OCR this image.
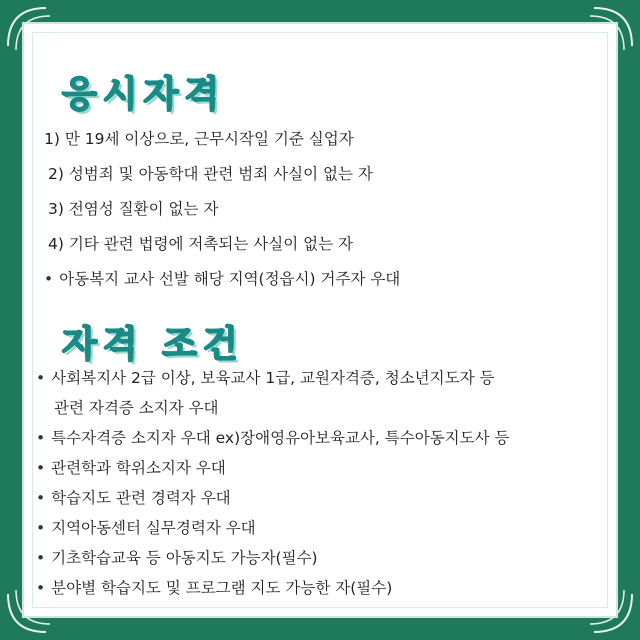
응시자격
1) 만 19세 이상으로, 근무시작일 기준 실업자
2) 성범죄 및 아동학대 관련 범죄 사실이 없는 자
3) 전염성 질환이 없는 자
4) 기타 관련 법령에 저촉되는 사실이 없는 자
• 아동복지 교사 선발 해당 지역(정읍시) 거주자 우대
자격 조건
• 사회복지사 2급 이상, 보육교사 1급, 교원자격증, 청소년지도자 등
관련 자격증 소지자 우대
• 특수자격증 소지자 우대 ex)장애영유아보육교사, 특수아동지도사 등
• 관련학과 학위소지자 우대
• 학습지도 관련 경력자 우대
• 지역아동센터 실무경력자 우대
• 기초학습교육 등 아동지도 가능자(필수)
• 분야별 학습지도 및 프로그램 지도 가능한 자(필수)
